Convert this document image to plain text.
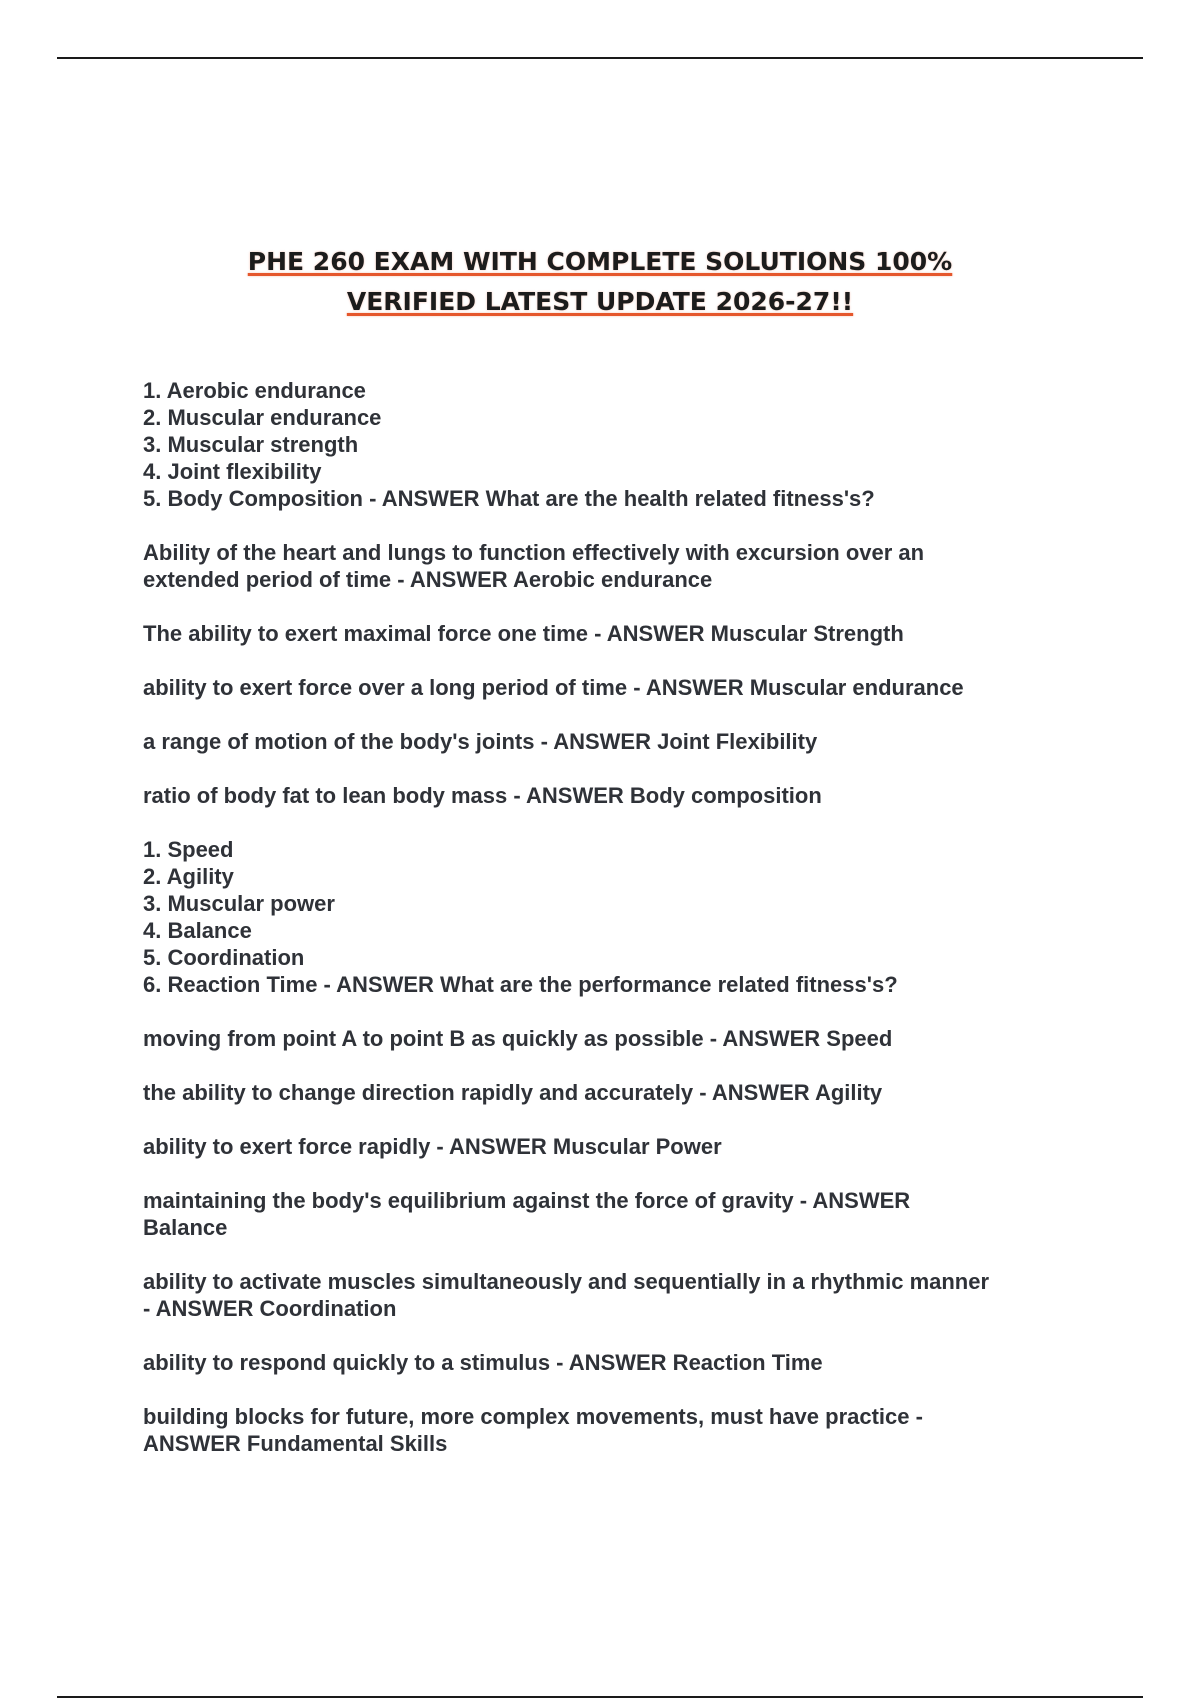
PHE 260 EXAM WITH COMPLETE SOLUTIONS 100%
VERIFIED LATEST UPDATE 2026-27!!
1. Aerobic endurance
2. Muscular endurance
3. Muscular strength
4. Joint flexibility
5. Body Composition - ANSWER What are the health related fitness's?
Ability of the heart and lungs to function effectively with excursion over an
extended period of time - ANSWER Aerobic endurance
The ability to exert maximal force one time - ANSWER Muscular Strength
ability to exert force over a long period of time - ANSWER Muscular endurance
a range of motion of the body's joints - ANSWER Joint Flexibility
ratio of body fat to lean body mass - ANSWER Body composition
1. Speed
2. Agility
3. Muscular power
4. Balance
5. Coordination
6. Reaction Time - ANSWER What are the performance related fitness's?
moving from point A to point B as quickly as possible - ANSWER Speed
the ability to change direction rapidly and accurately - ANSWER Agility
ability to exert force rapidly - ANSWER Muscular Power
maintaining the body's equilibrium against the force of gravity - ANSWER
Balance
ability to activate muscles simultaneously and sequentially in a rhythmic manner
- ANSWER Coordination
ability to respond quickly to a stimulus - ANSWER Reaction Time
building blocks for future, more complex movements, must have practice -
ANSWER Fundamental Skills
